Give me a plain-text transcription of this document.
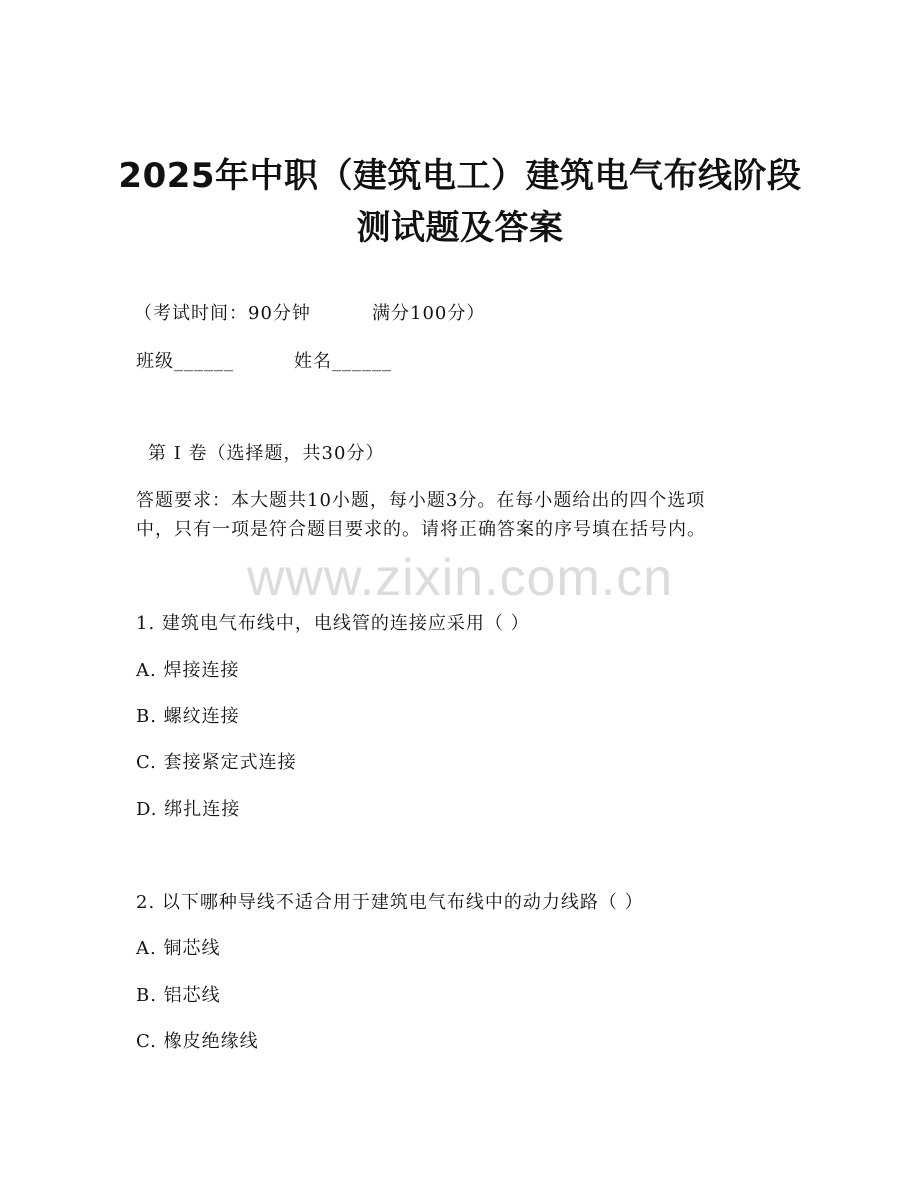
2025年中职（建筑电工）建筑电气布线阶段
测试题及答案
（考试时间：90分钟	满分100分）
班级______	姓名______
第 I 卷（选择题，共30分）
答题要求：本大题共10小题，每小题3分。在每小题给出的四个选项
中，只有一项是符合题目要求的。请将正确答案的序号填在括号内。
www.zixin.com.cn
1. 建筑电气布线中，电线管的连接应采用（ ）
A. 焊接连接
B. 螺纹连接
C. 套接紧定式连接
D. 绑扎连接
2. 以下哪种导线不适合用于建筑电气布线中的动力线路（ ）
A. 铜芯线
B. 铝芯线
C. 橡皮绝缘线
